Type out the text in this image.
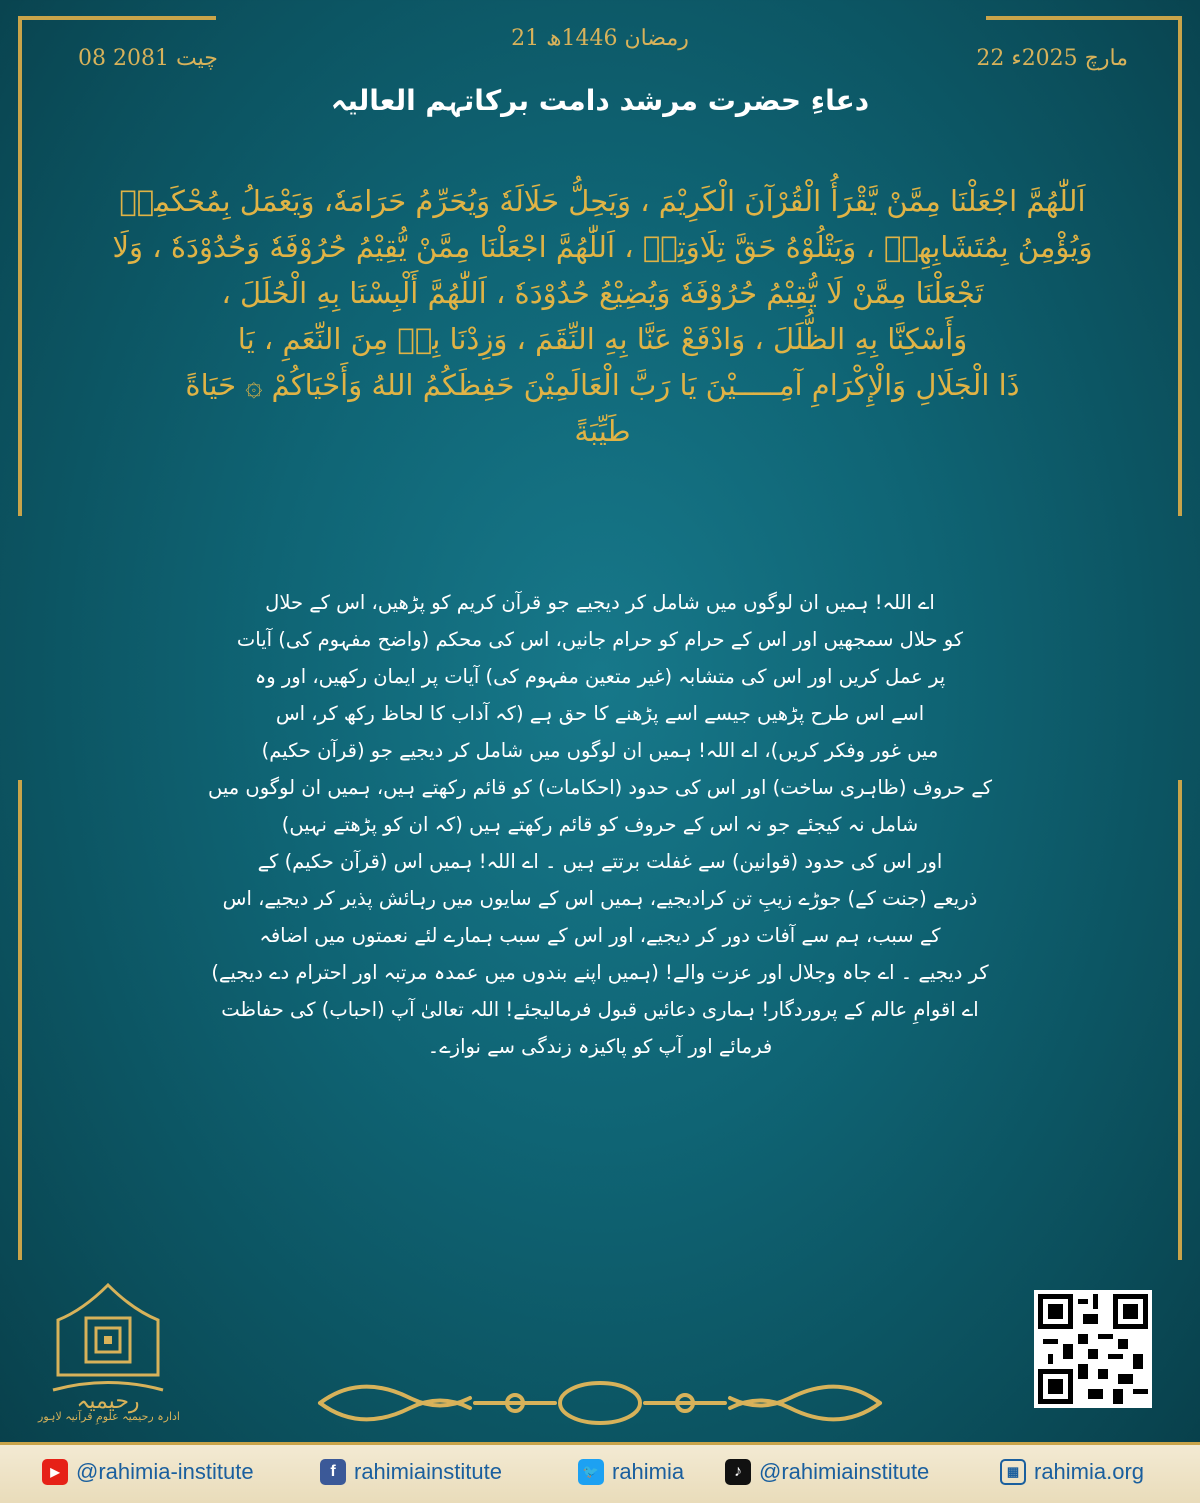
08 چیت 2081
21 رمضان 1446ھ
22 مارچ 2025ء
دعاءِ حضرت مرشد دامت برکاتہم العالیہ
اَللّٰهُمَّ اجْعَلْنَا مِمَّنْ يَّقْرَأُ الْقُرْآنَ الْكَرِيْمَ ، وَيَحِلُّ حَلَالَهٗ وَيُحَرِّمُ حَرَامَهٗ، وَيَعْمَلُ بِمُحْكَمِهٖ
وَيُؤْمِنُ بِمُتَشَابِهِهٖ ، وَيَتْلُوْهُ حَقَّ تِلَاوَتِهٖ ، اَللّٰهُمَّ اجْعَلْنَا مِمَّنْ يُّقِيْمُ حُرُوْفَهٗ وَحُدُوْدَهٗ ، وَلَا
تَجْعَلْنَا مِمَّنْ لَا يُّقِيْمُ حُرُوْفَهٗ وَيُضِيْعُ حُدُوْدَهٗ ، اَللّٰهُمَّ أَلْبِسْنَا بِهِ الْحُلَلَ ،
وَأَسْكِنَّا بِهِ الظُّلَلَ ، وَادْفَعْ عَنَّا بِهِ النِّقَمَ ، وَزِدْنَا بِهٖ مِنَ النِّعَمِ ، يَا
ذَا الْجَلَالِ وَالْإِكْرَامِ آمِـــــيْنَ يَا رَبَّ الْعَالَمِيْنَ حَفِظَكُمُ اللهُ وَأَحْيَاكُمْ ۞ حَيَاةً
طَيِّبَةً
اے اللہ! ہمیں ان لوگوں میں شامل کر دیجیے جو قرآن کریم کو پڑھیں، اس کے حلال
کو حلال سمجھیں اور اس کے حرام کو حرام جانیں، اس کی محکم (واضح مفہوم کی) آیات
پر عمل کریں اور اس کی متشابہ (غیر متعین مفہوم کی) آیات پر ایمان رکھیں، اور وہ
اسے اس طرح پڑھیں جیسے اسے پڑھنے کا حق ہے (کہ آداب کا لحاظ رکھ کر، اس
میں غور وفکر کریں)، اے اللہ! ہمیں ان لوگوں میں شامل کر دیجیے جو (قرآن حکیم)
کے حروف (ظاہری ساخت) اور اس کی حدود (احکامات) کو قائم رکھتے ہیں، ہمیں ان لوگوں میں
شامل نہ کیجئے جو نہ اس کے حروف کو قائم رکھتے ہیں (کہ ان کو پڑھتے نہیں)
اور اس کی حدود (قوانین) سے غفلت برتتے ہیں ۔ اے اللہ! ہمیں اس (قرآن حکیم) کے
ذریعے (جنت کے) جوڑے زیبِ تن کرادیجیے، ہمیں اس کے سایوں میں رہائش پذیر کر دیجیے، اس
کے سبب، ہم سے آفات دور کر دیجیے، اور اس کے سبب ہمارے لئے نعمتوں میں اضافہ
کر دیجیے ۔ اے جاہ وجلال اور عزت والے! (ہمیں اپنے بندوں میں عمدہ مرتبہ اور احترام دے دیجیے)
اے اقوامِ عالم کے پروردگار! ہماری دعائیں قبول فرمالیجئے! اللہ تعالیٰ آپ (احباب) کی حفاظت
فرمائے اور آپ کو پاکیزہ زندگی سے نوازے۔
رحیمیہ
ادارہ رحیمیہ علومِ قرآنیہ لاہور
▶ @rahimia-institute	f rahimiainstitute	🐦 rahimia	♪ @rahimiainstitute	▦ rahimia.org
